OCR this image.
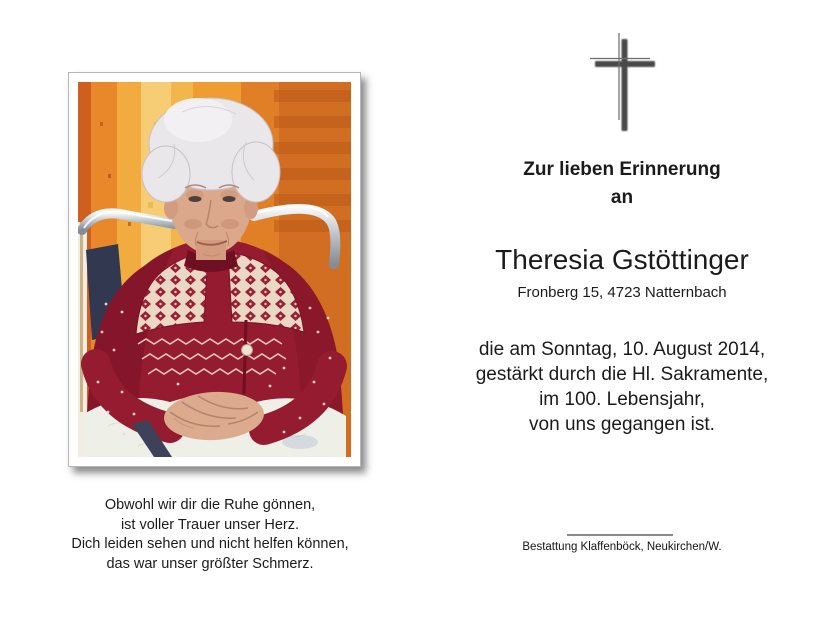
Obwohl wir dir die Ruhe gönnen,
ist voller Trauer unser Herz.
Dich leiden sehen und nicht helfen können,
das war unser größter Schmerz.
Zur lieben Erinnerung
an
Theresia Gstöttinger
Fronberg 15, 4723 Natternbach
die am Sonntag, 10. August 2014,
gestärkt durch die Hl. Sakramente,
im 100. Lebensjahr,
von uns gegangen ist.
Bestattung Klaffenböck, Neukirchen/W.
